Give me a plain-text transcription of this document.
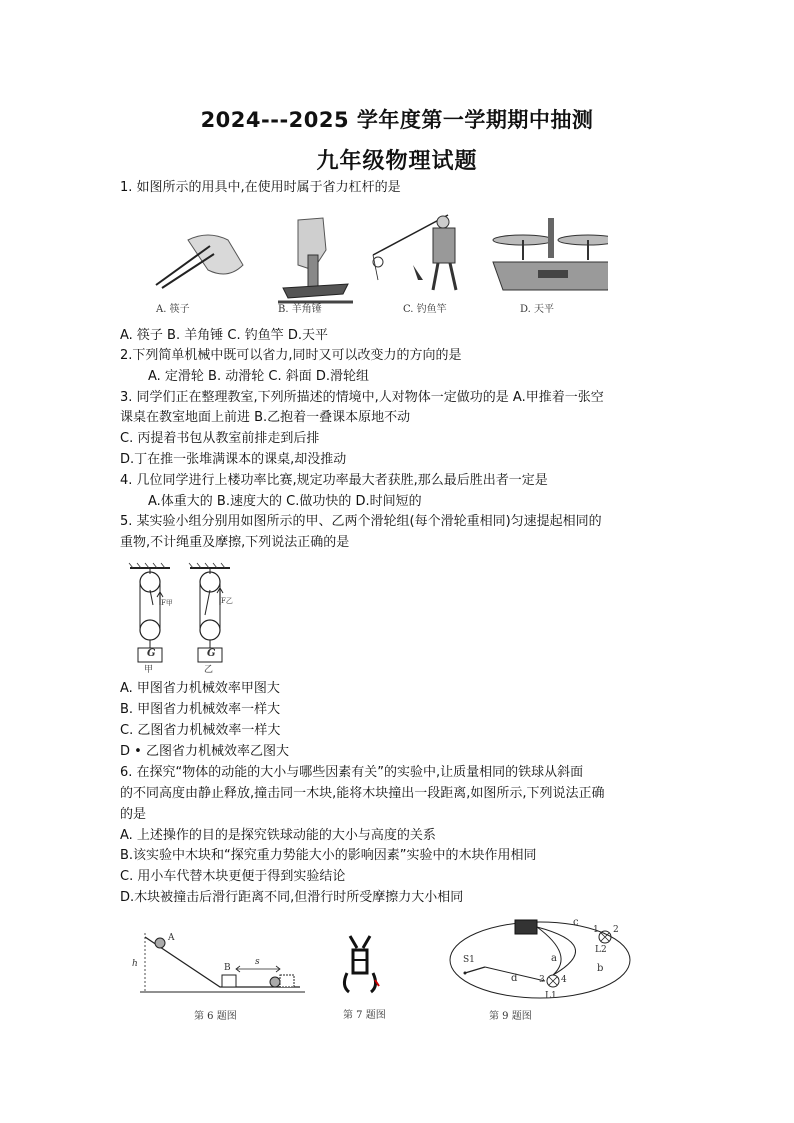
2024---2025 学年度第一学期期中抽测
九年级物理试题
1. 如图所示的用具中,在使用时属于省力杠杆的是
A. 筷子	B. 羊角锤	C. 钓鱼竿	D. 天平
A. 筷子 B. 羊角锤 C. 钓鱼竿 D.天平
2.下列简单机械中既可以省力,同时又可以改变力的方向的是
A. 定滑轮 B. 动滑轮 C. 斜面 D.滑轮组
3. 同学们正在整理教室,下列所描述的情境中,人对物体一定做功的是 A.甲推着一张空
课桌在教室地面上前进 B.乙抱着一叠课本原地不动
C. 丙提着书包从教室前排走到后排
D.丁在推一张堆满课本的课桌,却没推动
4. 几位同学进行上楼功率比赛,规定功率最大者获胜,那么最后胜出者一定是
A.体重大的 B.速度大的 C.做功快的 D.时间短的
5. 某实验小组分别用如图所示的甲、乙两个滑轮组(每个滑轮重相同)匀速提起相同的
重物,不计绳重及摩擦,下列说法正确的是
G	G
F甲	F乙
甲	乙
A. 甲图省力机械效率甲图大
B. 甲图省力机械效率一样大
C. 乙图省力机械效率一样大
D • 乙图省力机械效率乙图大
6. 在探究“物体的动能的大小与哪些因素有关”的实验中,让质量相同的铁球从斜面
的不同高度由静止释放,撞击同一木块,能将木块撞出一段距离,如图所示,下列说法正确
的是
A. 上述操作的目的是探究铁球动能的大小与高度的关系
B.该实验中木块和“探究重力势能大小的影响因素”实验中的木块作用相同
C. 用小车代替木块更便于得到实验结论
D.木块被撞击后滑行距离不同,但滑行时所受摩擦力大小相同
A
B
h	s
第 6 题图	第 7 题图
c
1 2
L2
a
b
S1
d 3 4
L1
第 9 题图
